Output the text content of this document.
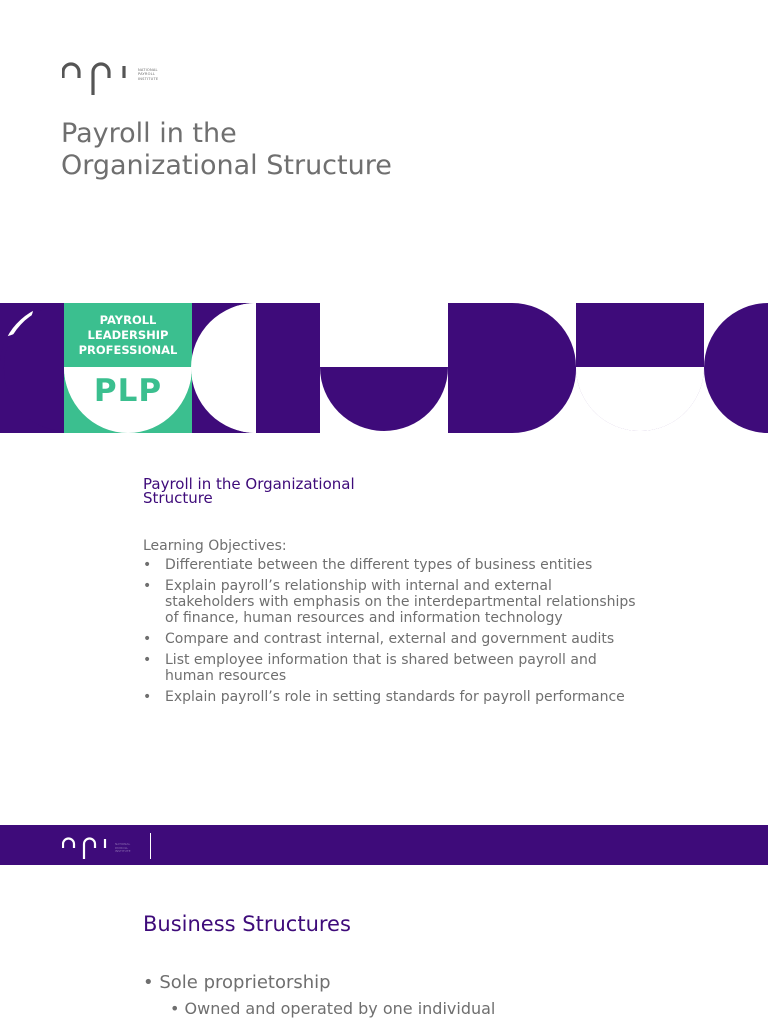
NATIONAL PAYROLL INSTITUTE
Payroll in the
Organizational Structure
PAYROLL
LEADERSHIP
PROFESSIONAL
PLP
Payroll in the Organizational
Structure
Learning Objectives:
• Differentiate between the different types of business entities
• Explain payroll’s relationship with internal and external stakeholders with emphasis on the interdepartmental relationships of finance, human resources and information technology
• Compare and contrast internal, external and government audits
• List employee information that is shared between payroll and human resources
• Explain payroll’s role in setting standards for payroll performance
NATIONAL PAYROLL INSTITUTE
Business Structures
• Sole proprietorship
• Owned and operated by one individual
